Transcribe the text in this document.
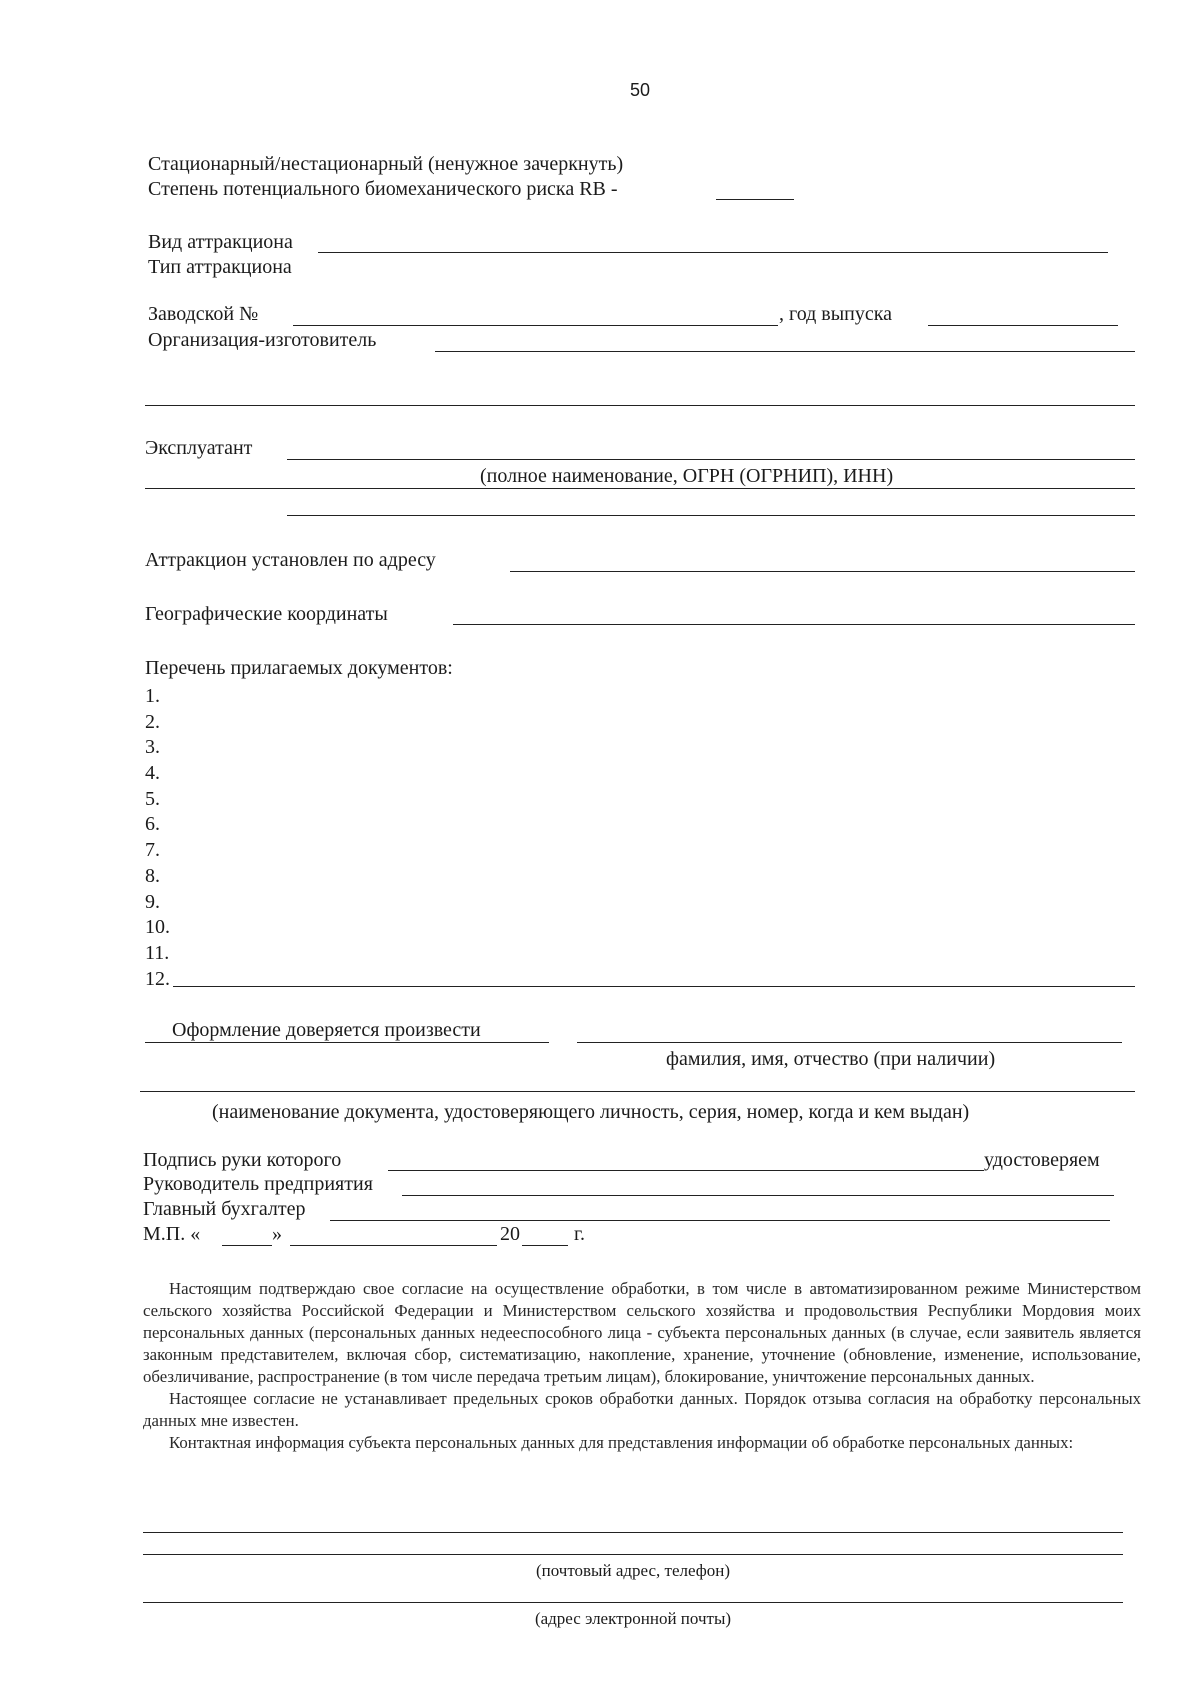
50
Стационарный/нестационарный (ненужное зачеркнуть)
Степень потенциального биомеханического риска RB -
Вид аттракциона
Тип аттракциона
Заводской №	, год выпуска
Организация-изготовитель
Эксплуатант
(полное наименование, ОГРН (ОГРНИП), ИНН)
Аттракцион установлен по адресу
Географические координаты
Перечень прилагаемых документов:
1.
2.
3.
4.
5.
6.
7.
8.
9.
10.
11.
12.
Оформление доверяется произвести
фамилия, имя, отчество (при наличии)
(наименование документа, удостоверяющего личность, серия, номер, когда и кем выдан)
Подпись руки которого	удостоверяем
Руководитель предприятия
Главный бухгалтер
М.П. «	»	20	г.

Настоящим подтверждаю свое согласие на осуществление обработки, в том числе в автоматизированном режиме Министерством сельского хозяйства Российской Федерации и Министерством сельского хозяйства и продовольствия Республики Мордовия моих персональных данных (персональных данных недееспособного лица - субъекта персональных данных (в случае, если заявитель является законным представителем, включая сбор, систематизацию, накопление, хранение, уточнение (обновление, изменение, использование, обезличивание, распространение (в том числе передача третьим лицам), блокирование, уничтожение персональных данных.

Настоящее согласие не устанавливает предельных сроков обработки данных. Порядок отзыва согласия на обработку персональных данных мне известен.

Контактная информация субъекта персональных данных для представления информации об обработке персональных данных:

(почтовый адрес, телефон)
(адрес электронной почты)
